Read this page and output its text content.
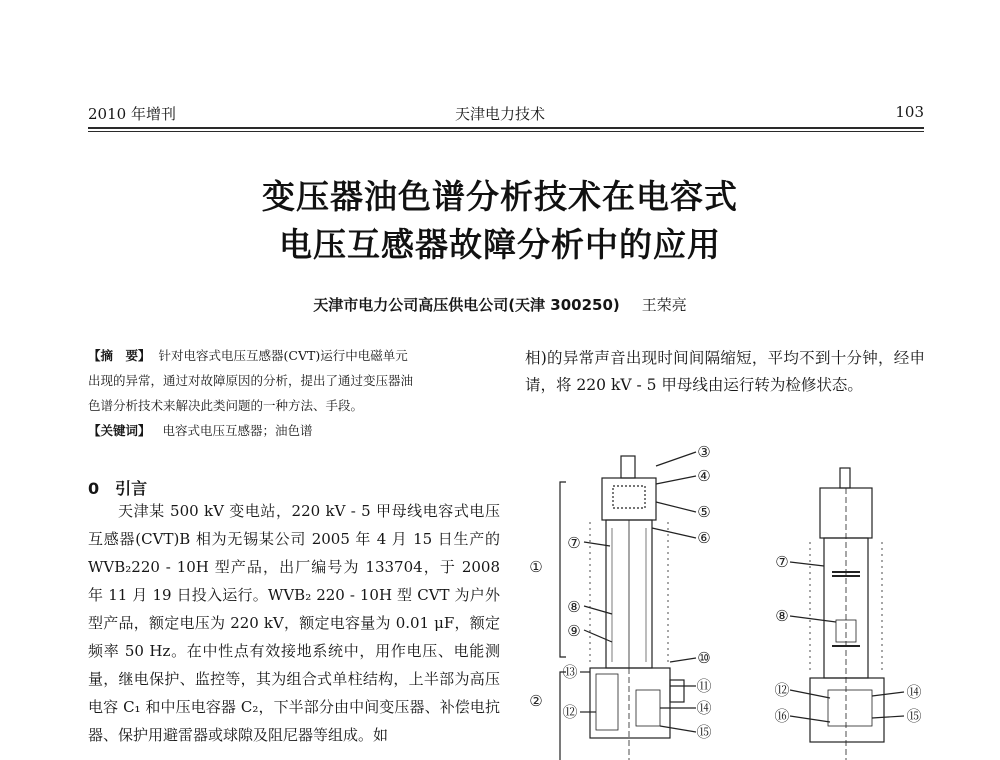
2010 年增刊	天津电力技术	103
变压器油色谱分析技术在电容式
电压互感器故障分析中的应用
天津市电力公司高压供电公司(天津 300250) 王荣亮
【摘　要】 针对电容式电压互感器(CVT)运行中电磁单元
出现的异常，通过对故障原因的分析，提出了通过变压器油
色谱分析技术来解决此类问题的一种方法、手段。
【关键词】 电容式电压互感器；油色谱
0　引言
天津某 500 kV 变电站，220 kV - 5 甲母线电容式电压互感器(CVT)B 相为无锡某公司 2005 年 4 月 15 日生产的 WVB₂220 - 10H 型产品，出厂编号为 133704，于 2008 年 11 月 19 日投入运行。WVB₂ 220 - 10H 型 CVT 为户外型产品，额定电压为 220 kV，额定电容量为 0.01 μF，额定频率 50 Hz。在中性点有效接地系统中，用作电压、电能测量，继电保护、监控等，其为组合式单柱结构，上半部为高压电容 C₁ 和中压电容器 C₂，下半部分由中间变压器、补偿电抗器、保护用避雷器或球隙及阻尼器等组成。如
相)的异常声音出现时间间隔缩短，平均不到十分钟，经申请，将 220 kV - 5 甲母线由运行转为检修状态。
③
④
⑤
⑥
⑦
①
⑧
⑨
⑩
⑬
⑪
②
⑫	⑭
⑮
⑦
⑧
⑫
⑯
⑭
⑮
